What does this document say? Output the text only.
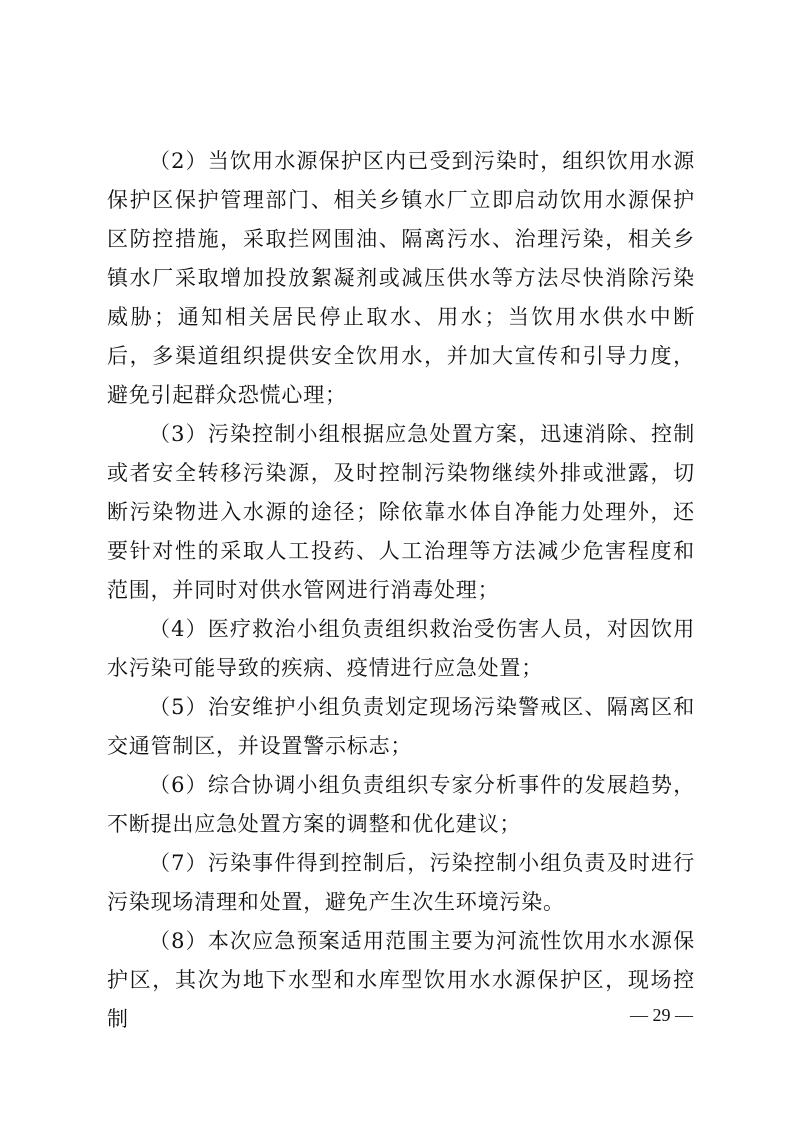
（2）当饮用水源保护区内已受到污染时，组织饮用水源保护区保护管理部门、相关乡镇水厂立即启动饮用水源保护区防控措施，采取拦网围油、隔离污水、治理污染，相关乡镇水厂采取增加投放絮凝剂或减压供水等方法尽快消除污染威胁；通知相关居民停止取水、用水；当饮用水供水中断后，多渠道组织提供安全饮用水，并加大宣传和引导力度，避免引起群众恐慌心理；

（3）污染控制小组根据应急处置方案，迅速消除、控制或者安全转移污染源，及时控制污染物继续外排或泄露，切断污染物进入水源的途径；除依靠水体自净能力处理外，还要针对性的采取人工投药、人工治理等方法减少危害程度和范围，并同时对供水管网进行消毒处理；

（4）医疗救治小组负责组织救治受伤害人员，对因饮用水污染可能导致的疾病、疫情进行应急处置；

（5）治安维护小组负责划定现场污染警戒区、隔离区和交通管制区，并设置警示标志；

（6）综合协调小组负责组织专家分析事件的发展趋势，不断提出应急处置方案的调整和优化建议；

（7）污染事件得到控制后，污染控制小组负责及时进行污染现场清理和处置，避免产生次生环境污染。

（8）本次应急预案适用范围主要为河流性饮用水水源保护区，其次为地下水型和水库型饮用水水源保护区，现场控制	— 29 —
